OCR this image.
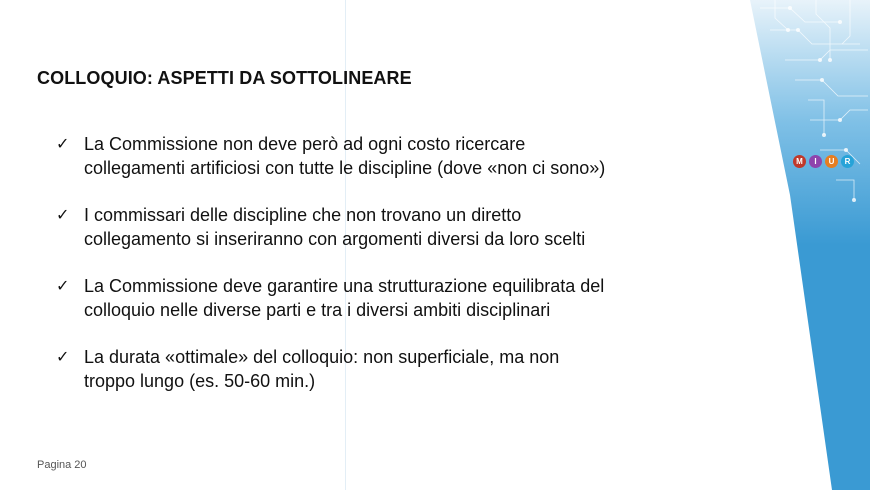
COLLOQUIO: ASPETTI DA SOTTOLINEARE
✓ La Commissione non deve però ad ogni costo ricercare
collegamenti artificiosi con tutte le discipline (dove «non ci sono»)
✓ I commissari delle discipline che non trovano un diretto
collegamento si inseriranno con argomenti diversi da loro scelti
✓ La Commissione deve garantire una strutturazione equilibrata del
colloquio nelle diverse parti e tra i diversi ambiti disciplinari
✓ La durata «ottimale» del colloquio: non superficiale, ma non
troppo lungo (es. 50-60 min.)
Pagina 20
M I U R
